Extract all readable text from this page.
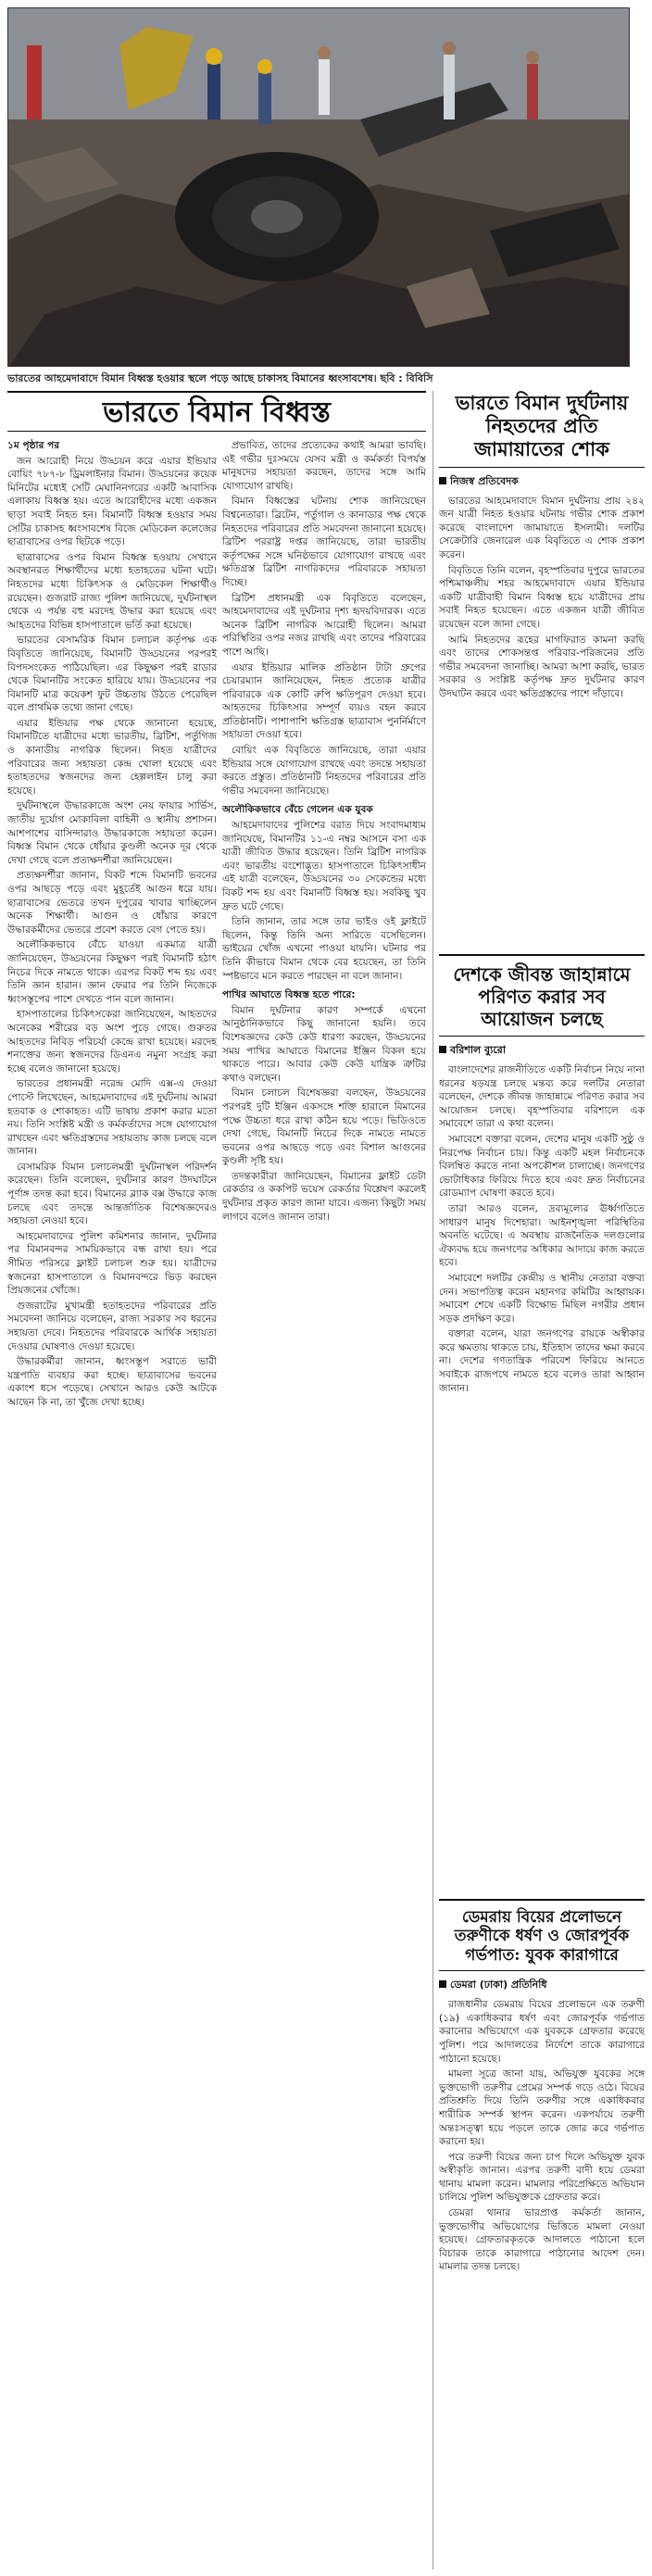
ভারতের আহমেদাবাদে বিমান বিধ্বস্ত হওয়ার স্থলে পড়ে আছে চাকাসহ বিমানের ধ্বংসাবশেষ। ছবি : বিবিসি
ভারতে বিমান বিধ্বস্ত

১ম পৃষ্ঠার পর

জন আরোহী নিয়ে উড্ডয়ন করে এয়ার ইন্ডিয়ার বোয়িং ৭৮৭-৮ ড্রিমলাইনার বিমান। উড্ডয়নের কয়েক মিনিটের মধ্যেই সেটি মেঘানিনগরের একটি আবাসিক এলাকায় বিধ্বস্ত হয়। এতে আরোহীদের মধ্যে একজন ছাড়া সবাই নিহত হন। বিমানটি বিধ্বস্ত হওয়ার সময় সেটির চাকাসহ ধ্বংসাবশেষ বিজে মেডিকেল কলেজের ছাত্রাবাসের ওপর ছিটকে পড়ে।

ছাত্রাবাসের ওপর বিমান বিধ্বস্ত হওয়ায় সেখানে অবস্থানরত শিক্ষার্থীদের মধ্যে হতাহতের ঘটনা ঘটে। নিহতদের মধ্যে চিকিৎসক ও মেডিকেল শিক্ষার্থীও রয়েছেন। গুজরাট রাজ্য পুলিশ জানিয়েছে, দুর্ঘটনাস্থল থেকে এ পর্যন্ত বহু মরদেহ উদ্ধার করা হয়েছে এবং আহতদের বিভিন্ন হাসপাতালে ভর্তি করা হয়েছে।

ভারতের বেসামরিক বিমান চলাচল কর্তৃপক্ষ এক বিবৃতিতে জানিয়েছে, বিমানটি উড্ডয়নের পরপরই বিপদসংকেত পাঠিয়েছিল। এর কিছুক্ষণ পরই রাডার থেকে বিমানটির সংকেত হারিয়ে যায়। উড্ডয়নের পর বিমানটি মাত্র কয়েকশ ফুট উচ্চতায় উঠতে পেরেছিল বলে প্রাথমিক তথ্যে জানা গেছে।

এয়ার ইন্ডিয়ার পক্ষ থেকে জানানো হয়েছে, বিমানটিতে যাত্রীদের মধ্যে ভারতীয়, ব্রিটিশ, পর্তুগিজ ও কানাডীয় নাগরিক ছিলেন। নিহত যাত্রীদের পরিবারের জন্য সহায়তা কেন্দ্র খোলা হয়েছে এবং হতাহতদের স্বজনদের জন্য হেল্পলাইন চালু করা হয়েছে।

দুর্ঘটনাস্থলে উদ্ধারকাজে অংশ নেয় ফায়ার সার্ভিস, জাতীয় দুর্যোগ মোকাবিলা বাহিনী ও স্থানীয় প্রশাসন। আশপাশের বাসিন্দারাও উদ্ধারকাজে সহায়তা করেন। বিধ্বস্ত বিমান থেকে ধোঁয়ার কুণ্ডলী অনেক দূর থেকে দেখা গেছে বলে প্রত্যক্ষদর্শীরা জানিয়েছেন।

প্রত্যক্ষদর্শীরা জানান, বিকট শব্দে বিমানটি ভবনের ওপর আছড়ে পড়ে এবং মুহূর্তেই আগুন ধরে যায়। ছাত্রাবাসের ভেতরে তখন দুপুরের খাবার খাচ্ছিলেন অনেক শিক্ষার্থী। আগুন ও ধোঁয়ার কারণে উদ্ধারকর্মীদের ভেতরে প্রবেশ করতে বেগ পেতে হয়।

অলৌকিকভাবে বেঁচে যাওয়া একমাত্র যাত্রী জানিয়েছেন, উড্ডয়নের কিছুক্ষণ পরই বিমানটি হঠাৎ নিচের দিকে নামতে থাকে। এরপর বিকট শব্দ হয় এবং তিনি জ্ঞান হারান। জ্ঞান ফেরার পর তিনি নিজেকে ধ্বংসস্তূপের পাশে দেখতে পান বলে জানান।

হাসপাতালের চিকিৎসকেরা জানিয়েছেন, আহতদের অনেকের শরীরের বড় অংশ পুড়ে গেছে। গুরুতর আহতদের নিবিড় পরিচর্যা কেন্দ্রে রাখা হয়েছে। মরদেহ শনাক্তের জন্য স্বজনদের ডিএনএ নমুনা সংগ্রহ করা হচ্ছে বলেও জানানো হয়েছে।

ভারতের প্রধানমন্ত্রী নরেন্দ্র মোদি এক্স-এ দেওয়া পোস্টে লিখেছেন, আহমেদাবাদের এই দুর্ঘটনায় আমরা হতবাক ও শোকাহত। এটি ভাষায় প্রকাশ করার মতো নয়। তিনি সংশ্লিষ্ট মন্ত্রী ও কর্মকর্তাদের সঙ্গে যোগাযোগ রাখছেন এবং ক্ষতিগ্রস্তদের সহায়তায় কাজ চলছে বলে জানান।

বেসামরিক বিমান চলাচলমন্ত্রী দুর্ঘটনাস্থল পরিদর্শন করেছেন। তিনি বলেছেন, দুর্ঘটনার কারণ উদঘাটনে পূর্ণাঙ্গ তদন্ত করা হবে। বিমানের ব্ল্যাক বক্স উদ্ধারে কাজ চলছে এবং তদন্তে আন্তর্জাতিক বিশেষজ্ঞদেরও সহায়তা নেওয়া হবে।

আহমেদাবাদের পুলিশ কমিশনার জানান, দুর্ঘটনার পর বিমানবন্দর সাময়িকভাবে বন্ধ রাখা হয়। পরে সীমিত পরিসরে ফ্লাইট চলাচল শুরু হয়। যাত্রীদের স্বজনেরা হাসপাতালে ও বিমানবন্দরে ভিড় করছেন প্রিয়জনের খোঁজে।

গুজরাটের মুখ্যমন্ত্রী হতাহতদের পরিবারের প্রতি সমবেদনা জানিয়ে বলেছেন, রাজ্য সরকার সব ধরনের সহায়তা দেবে। নিহতদের পরিবারকে আর্থিক সহায়তা দেওয়ার ঘোষণাও দেওয়া হয়েছে।

উদ্ধারকর্মীরা জানান, ধ্বংসস্তূপ সরাতে ভারী যন্ত্রপাতি ব্যবহার করা হচ্ছে। ছাত্রাবাসের ভবনের একাংশ ধসে পড়েছে। সেখানে আরও কেউ আটকে আছেন কি না, তা খুঁজে দেখা হচ্ছে।

প্রভাবিত, তাদের প্রত্যেকের কথাই আমরা ভাবছি। এই গভীর দুঃসময়ে যেসব মন্ত্রী ও কর্মকর্তা বিপর্যস্ত মানুষদের সহায়তা করছেন, তাদের সঙ্গে আমি যোগাযোগ রাখছি।

বিমান বিধ্বস্তের ঘটনায় শোক জানিয়েছেন বিশ্বনেতারা। ব্রিটেন, পর্তুগাল ও কানাডার পক্ষ থেকে নিহতদের পরিবারের প্রতি সমবেদনা জানানো হয়েছে। ব্রিটিশ পররাষ্ট্র দপ্তর জানিয়েছে, তারা ভারতীয় কর্তৃপক্ষের সঙ্গে ঘনিষ্ঠভাবে যোগাযোগ রাখছে এবং ক্ষতিগ্রস্ত ব্রিটিশ নাগরিকদের পরিবারকে সহায়তা দিচ্ছে।

ব্রিটিশ প্রধানমন্ত্রী এক বিবৃতিতে বলেছেন, আহমেদাবাদের এই দুর্ঘটনার দৃশ্য হৃদয়বিদারক। এতে অনেক ব্রিটিশ নাগরিক আরোহী ছিলেন। আমরা পরিস্থিতির ওপর নজর রাখছি এবং তাদের পরিবারের পাশে আছি।

এয়ার ইন্ডিয়ার মালিক প্রতিষ্ঠান টাটা গ্রুপের চেয়ারম্যান জানিয়েছেন, নিহত প্রত্যেক যাত্রীর পরিবারকে এক কোটি রুপি ক্ষতিপূরণ দেওয়া হবে। আহতদের চিকিৎসার সম্পূর্ণ ব্যয়ও বহন করবে প্রতিষ্ঠানটি। পাশাপাশি ক্ষতিগ্রস্ত ছাত্রাবাস পুনর্নির্মাণে সহায়তা দেওয়া হবে।

বোয়িং এক বিবৃতিতে জানিয়েছে, তারা এয়ার ইন্ডিয়ার সঙ্গে যোগাযোগ রাখছে এবং তদন্তে সহায়তা করতে প্রস্তুত। প্রতিষ্ঠানটি নিহতদের পরিবারের প্রতি গভীর সমবেদনা জানিয়েছে।

অলৌকিকভাবে বেঁচে গেলেন এক যুবক

আহমেদাবাদের পুলিশের বরাত দিয়ে সংবাদমাধ্যম জানিয়েছে, বিমানটির ১১-এ নম্বর আসনে বসা এক যাত্রী জীবিত উদ্ধার হয়েছেন। তিনি ব্রিটিশ নাগরিক এবং ভারতীয় বংশোদ্ভূত। হাসপাতালে চিকিৎসাধীন এই যাত্রী বলেছেন, উড্ডয়নের ৩০ সেকেন্ডের মধ্যে বিকট শব্দ হয় এবং বিমানটি বিধ্বস্ত হয়। সবকিছু খুব দ্রুত ঘটে গেছে।

তিনি জানান, তার সঙ্গে তার ভাইও ওই ফ্লাইটে ছিলেন, কিন্তু তিনি অন্য সারিতে বসেছিলেন। ভাইয়ের খোঁজ এখনো পাওয়া যায়নি। ঘটনার পর তিনি কীভাবে বিমান থেকে বের হয়েছেন, তা তিনি স্পষ্টভাবে মনে করতে পারছেন না বলে জানান।

পাখির আঘাতে বিধ্বস্ত হতে পারে:

বিমান দুর্ঘটনার কারণ সম্পর্কে এখনো আনুষ্ঠানিকভাবে কিছু জানানো হয়নি। তবে বিশেষজ্ঞদের কেউ কেউ ধারণা করছেন, উড্ডয়নের সময় পাখির আঘাতে বিমানের ইঞ্জিন বিকল হয়ে থাকতে পারে। আবার কেউ কেউ যান্ত্রিক ত্রুটির কথাও বলছেন।

বিমান চলাচল বিশেষজ্ঞরা বলছেন, উড্ডয়নের পরপরই দুটি ইঞ্জিন একসঙ্গে শক্তি হারালে বিমানের পক্ষে উচ্চতা ধরে রাখা কঠিন হয়ে পড়ে। ভিডিওতে দেখা গেছে, বিমানটি নিচের দিকে নামতে নামতে ভবনের ওপর আছড়ে পড়ে এবং বিশাল আগুনের কুণ্ডলী সৃষ্টি হয়।

তদন্তকারীরা জানিয়েছেন, বিমানের ফ্লাইট ডেটা রেকর্ডার ও ককপিট ভয়েস রেকর্ডার বিশ্লেষণ করলেই দুর্ঘটনার প্রকৃত কারণ জানা যাবে। এজন্য কিছুটা সময় লাগবে বলেও জানান তারা।

ভারতে বিমান দুর্ঘটনায় নিহতদের প্রতি জামায়াতের শোক
নিজস্ব প্রতিবেদক

ভারতের আহমেদাবাদে বিমান দুর্ঘটনায় প্রায় ২৪২ জন যাত্রী নিহত হওয়ার ঘটনায় গভীর শোক প্রকাশ করেছে বাংলাদেশ জামায়াতে ইসলামী। দলটির সেক্রেটারি জেনারেল এক বিবৃতিতে এ শোক প্রকাশ করেন।

বিবৃতিতে তিনি বলেন, বৃহস্পতিবার দুপুরে ভারতের পশ্চিমাঞ্চলীয় শহর আহমেদাবাদে এয়ার ইন্ডিয়ার একটি যাত্রীবাহী বিমান বিধ্বস্ত হয়ে যাত্রীদের প্রায় সবাই নিহত হয়েছেন। এতে একজন যাত্রী জীবিত রয়েছেন বলে জানা গেছে।

আমি নিহতদের রূহের মাগফিরাত কামনা করছি এবং তাদের শোকসন্তপ্ত পরিবার-পরিজনের প্রতি গভীর সমবেদনা জানাচ্ছি। আমরা আশা করছি, ভারত সরকার ও সংশ্লিষ্ট কর্তৃপক্ষ দ্রুত দুর্ঘটনার কারণ উদঘাটন করবে এবং ক্ষতিগ্রস্তদের পাশে দাঁড়াবে।

দেশকে জীবন্ত জাহান্নামে পরিণত করার সব আয়োজন চলছে
বরিশাল ব্যুরো

বাংলাদেশের রাজনীতিতে একটি নির্বাচন নিয়ে নানা ধরনের ষড়যন্ত্র চলছে মন্তব্য করে দলটির নেতারা বলেছেন, দেশকে জীবন্ত জাহান্নামে পরিণত করার সব আয়োজন চলছে। বৃহস্পতিবার বরিশালে এক সমাবেশে তারা এ কথা বলেন।

সমাবেশে বক্তারা বলেন, দেশের মানুষ একটি সুষ্ঠু ও নিরপেক্ষ নির্বাচন চায়। কিন্তু একটি মহল নির্বাচনকে বিলম্বিত করতে নানা অপকৌশল চালাচ্ছে। জনগণের ভোটাধিকার ফিরিয়ে দিতে হবে এবং দ্রুত নির্বাচনের রোডম্যাপ ঘোষণা করতে হবে।

তারা আরও বলেন, দ্রব্যমূল্যের ঊর্ধ্বগতিতে সাধারণ মানুষ দিশেহারা। আইনশৃঙ্খলা পরিস্থিতির অবনতি ঘটেছে। এ অবস্থায় রাজনৈতিক দলগুলোর ঐক্যবদ্ধ হয়ে জনগণের অধিকার আদায়ে কাজ করতে হবে।

সমাবেশে দলটির কেন্দ্রীয় ও স্থানীয় নেতারা বক্তব্য দেন। সভাপতিত্ব করেন মহানগর কমিটির আহ্বায়ক। সমাবেশ শেষে একটি বিক্ষোভ মিছিল নগরীর প্রধান সড়ক প্রদক্ষিণ করে।

বক্তারা বলেন, যারা জনগণের রায়কে অস্বীকার করে ক্ষমতায় থাকতে চায়, ইতিহাস তাদের ক্ষমা করবে না। দেশের গণতান্ত্রিক পরিবেশ ফিরিয়ে আনতে সবাইকে রাজপথে নামতে হবে বলেও তারা আহ্বান জানান।

ডেমরায় বিয়ের প্রলোভনে তরুণীকে ধর্ষণ ও জোরপূর্বক গর্ভপাত: যুবক কারাগারে
ডেমরা (ঢাকা) প্রতিনিধি

রাজধানীর ডেমরায় বিয়ের প্রলোভনে এক তরুণী (১৯) একাধিকবার ধর্ষণ এবং জোরপূর্বক গর্ভপাত করানোর অভিযোগে এক যুবককে গ্রেফতার করেছে পুলিশ। পরে আদালতের নির্দেশে তাকে কারাগারে পাঠানো হয়েছে।

মামলা সূত্রে জানা যায়, অভিযুক্ত যুবকের সঙ্গে ভুক্তভোগী তরুণীর প্রেমের সম্পর্ক গড়ে ওঠে। বিয়ের প্রতিশ্রুতি দিয়ে তিনি তরুণীর সঙ্গে একাধিকবার শারীরিক সম্পর্ক স্থাপন করেন। একপর্যায়ে তরুণী অন্তঃসত্ত্বা হয়ে পড়লে তাকে জোর করে গর্ভপাত করানো হয়।

পরে তরুণী বিয়ের জন্য চাপ দিলে অভিযুক্ত যুবক অস্বীকৃতি জানান। এরপর তরুণী বাদী হয়ে ডেমরা থানায় মামলা করেন। মামলার পরিপ্রেক্ষিতে অভিযান চালিয়ে পুলিশ অভিযুক্তকে গ্রেফতার করে।

ডেমরা থানার ভারপ্রাপ্ত কর্মকর্তা জানান, ভুক্তভোগীর অভিযোগের ভিত্তিতে মামলা নেওয়া হয়েছে। গ্রেফতারকৃতকে আদালতে পাঠানো হলে বিচারক তাকে কারাগারে পাঠানোর আদেশ দেন। মামলার তদন্ত চলছে।
